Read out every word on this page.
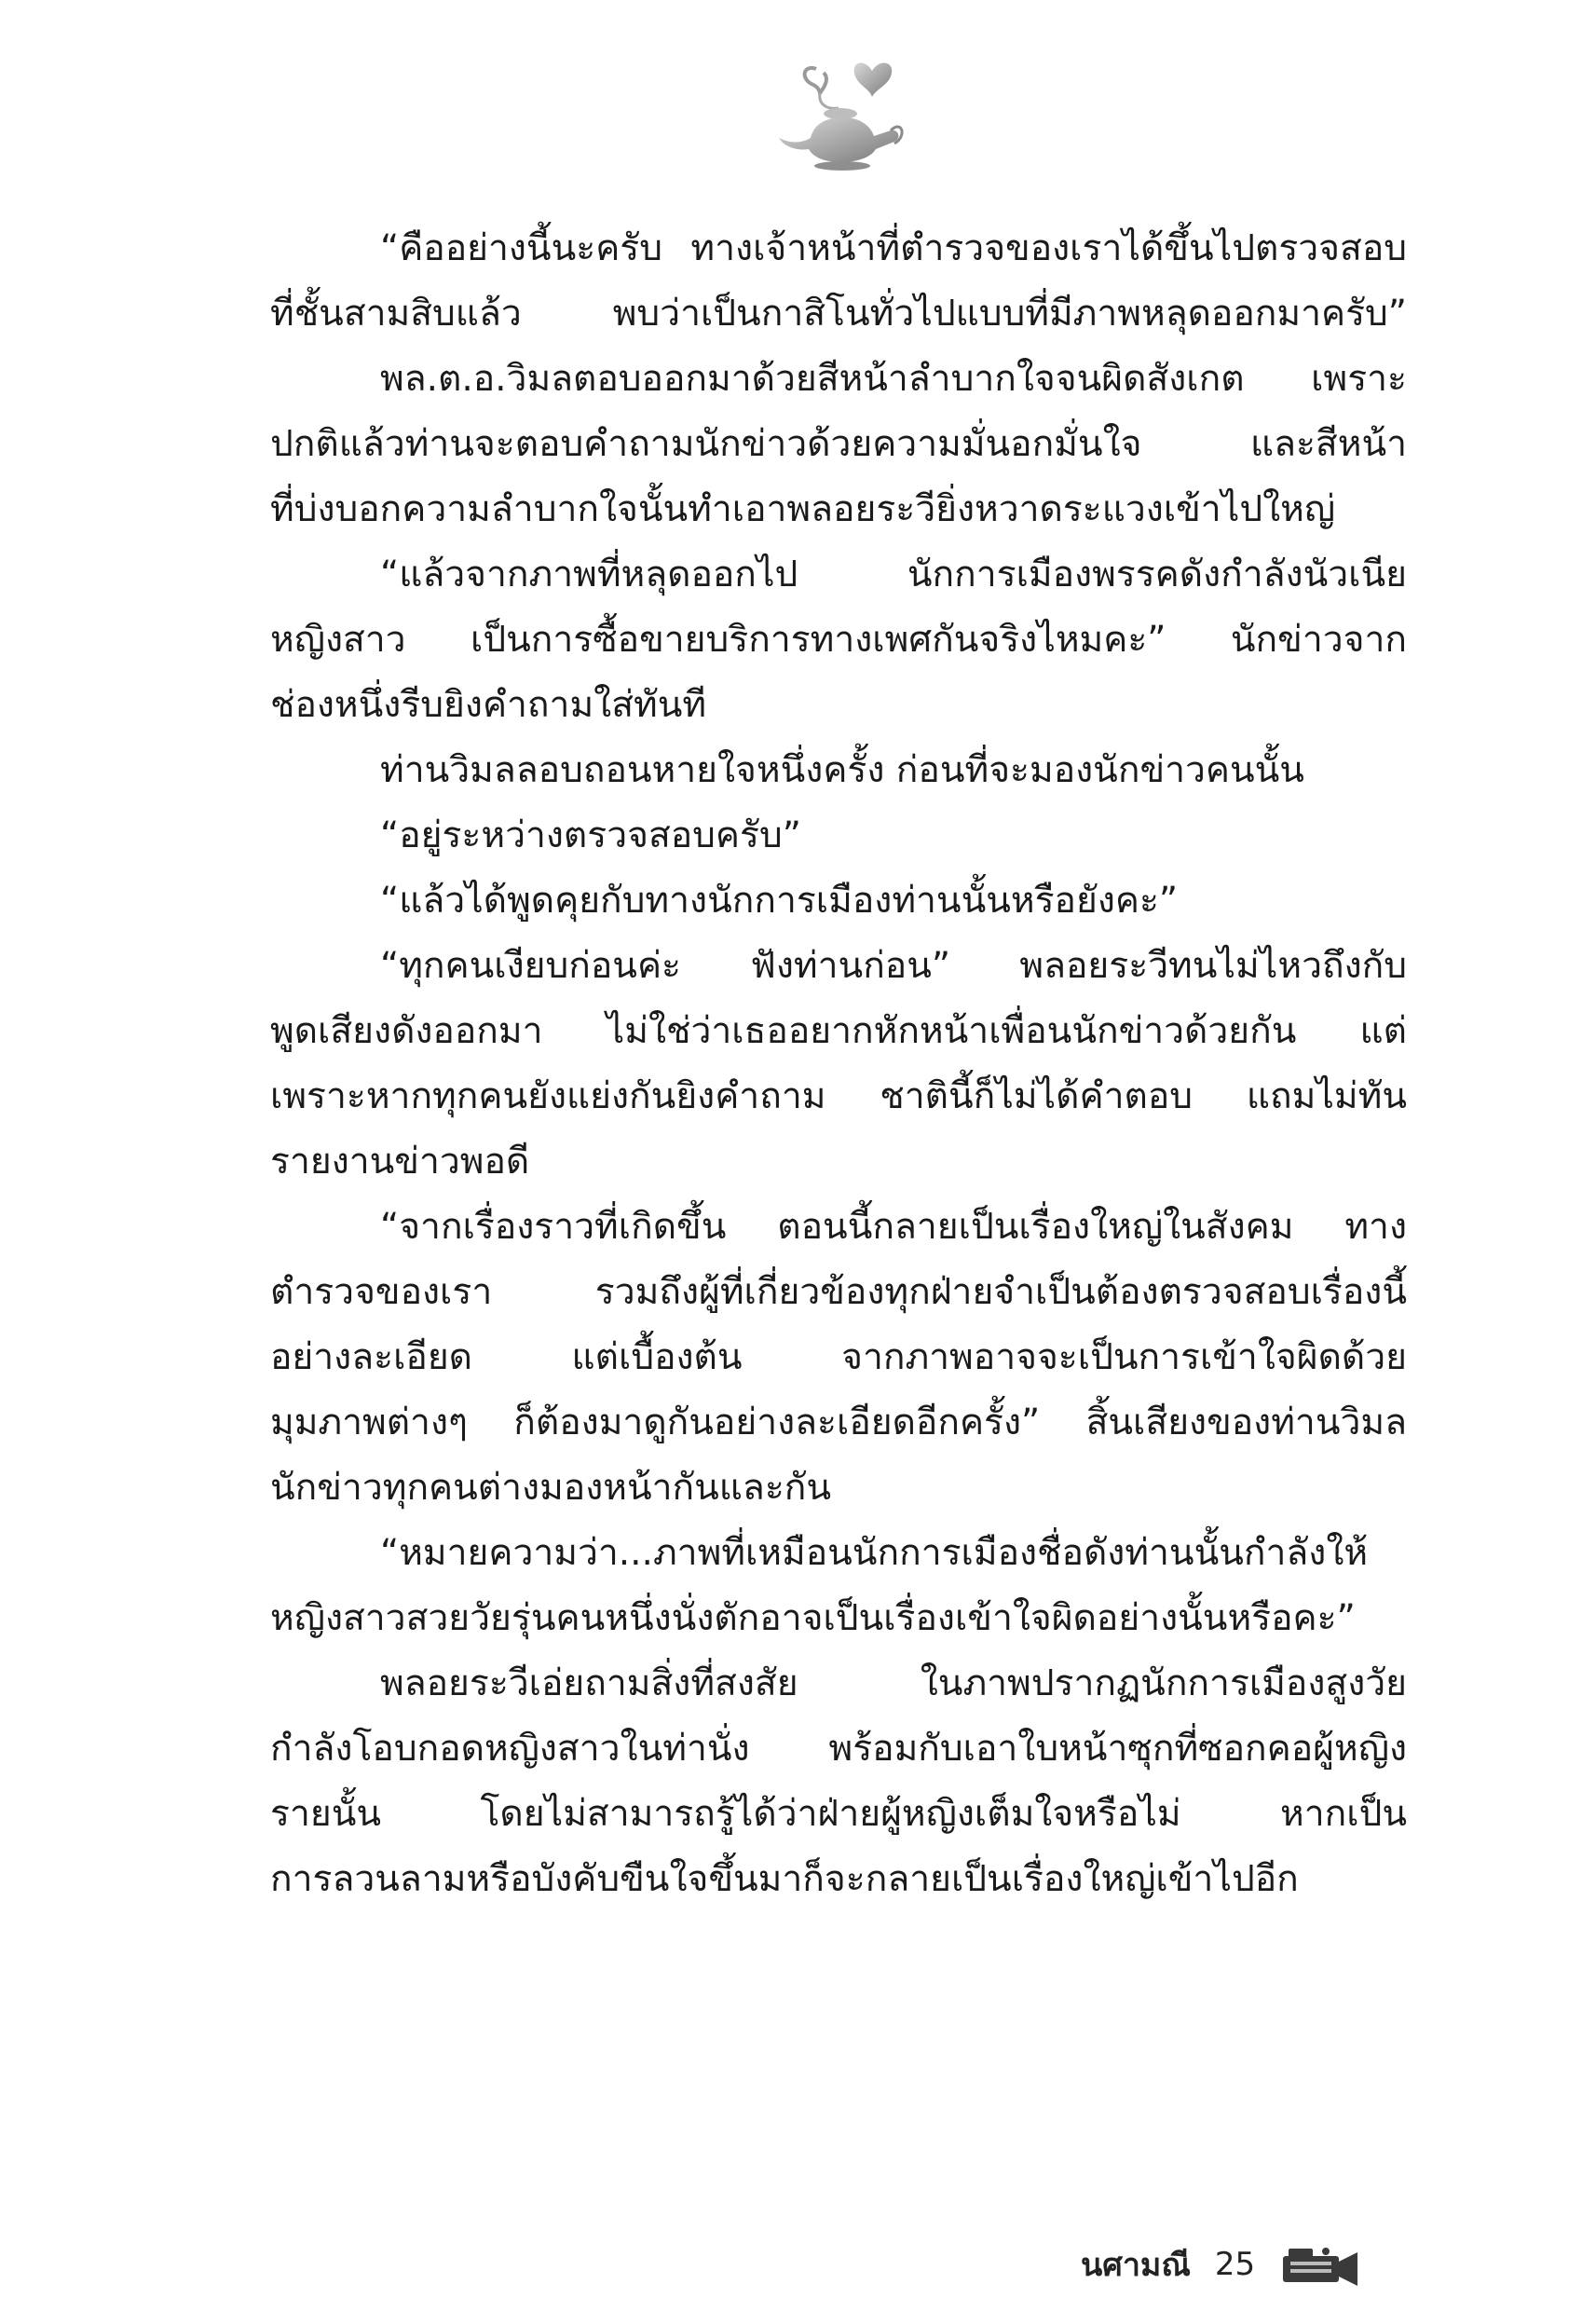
“คืออย่างนี้นะครับ ทางเจ้าหน้าที่ตำรวจของเราได้ขึ้นไปตรวจสอบ
ที่ชั้นสามสิบแล้ว พบว่าเป็นกาสิโนทั่วไปแบบที่มีภาพหลุดออกมาครับ”
พล.ต.อ.วิมลตอบออกมาด้วยสีหน้าลำบากใจจนผิดสังเกต เพราะ
ปกติแล้วท่านจะตอบคำถามนักข่าวด้วยความมั่นอกมั่นใจ และสีหน้า
ที่บ่งบอกความลำบากใจนั้นทำเอาพลอยระวียิ่งหวาดระแวงเข้าไปใหญ่
“แล้วจากภาพที่หลุดออกไป นักการเมืองพรรคดังกำลังนัวเนีย
หญิงสาว เป็นการซื้อขายบริการทางเพศกันจริงไหมคะ” นักข่าวจาก
ช่องหนึ่งรีบยิงคำถามใส่ทันที
ท่านวิมลลอบถอนหายใจหนึ่งครั้ง ก่อนที่จะมองนักข่าวคนนั้น
“อยู่ระหว่างตรวจสอบครับ”
“แล้วได้พูดคุยกับทางนักการเมืองท่านนั้นหรือยังคะ”
“ทุกคนเงียบก่อนค่ะ ฟังท่านก่อน” พลอยระวีทนไม่ไหวถึงกับ
พูดเสียงดังออกมา ไม่ใช่ว่าเธออยากหักหน้าเพื่อนนักข่าวด้วยกัน แต่
เพราะหากทุกคนยังแย่งกันยิงคำถาม ชาตินี้ก็ไม่ได้คำตอบ แถมไม่ทัน
รายงานข่าวพอดี
“จากเรื่องราวที่เกิดขึ้น ตอนนี้กลายเป็นเรื่องใหญ่ในสังคม ทาง
ตำรวจของเรา รวมถึงผู้ที่เกี่ยวข้องทุกฝ่ายจำเป็นต้องตรวจสอบเรื่องนี้
อย่างละเอียด แต่เบื้องต้น จากภาพอาจจะเป็นการเข้าใจผิดด้วย
มุมภาพต่างๆ ก็ต้องมาดูกันอย่างละเอียดอีกครั้ง” สิ้นเสียงของท่านวิมล
นักข่าวทุกคนต่างมองหน้ากันและกัน
“หมายความว่า...ภาพที่เหมือนนักการเมืองชื่อดังท่านนั้นกำลังให้
หญิงสาวสวยวัยรุ่นคนหนึ่งนั่งตักอาจเป็นเรื่องเข้าใจผิดอย่างนั้นหรือคะ”
พลอยระวีเอ่ยถามสิ่งที่สงสัย ในภาพปรากฏนักการเมืองสูงวัย
กำลังโอบกอดหญิงสาวในท่านั่ง พร้อมกับเอาใบหน้าซุกที่ซอกคอผู้หญิง
รายนั้น โดยไม่สามารถรู้ได้ว่าฝ่ายผู้หญิงเต็มใจหรือไม่ หากเป็น
การลวนลามหรือบังคับขืนใจขึ้นมาก็จะกลายเป็นเรื่องใหญ่เข้าไปอีก
นศามณี 25
